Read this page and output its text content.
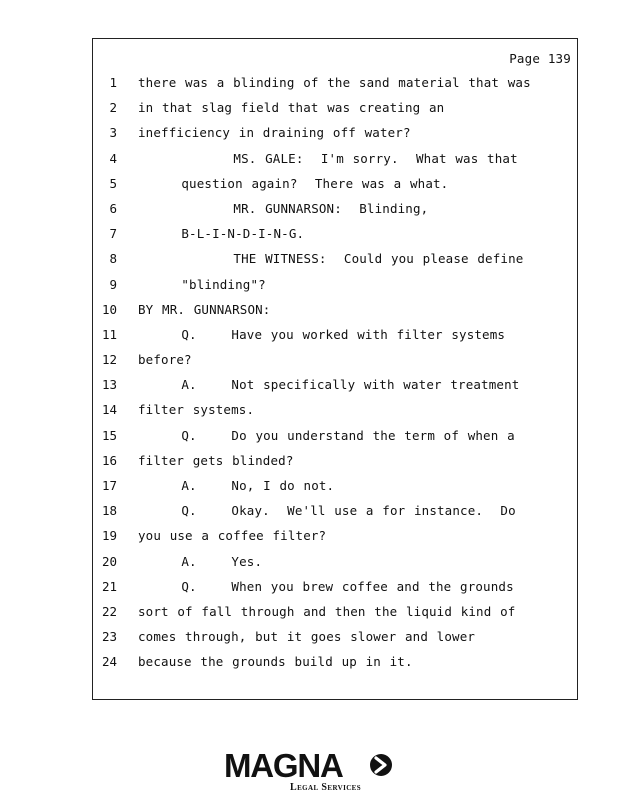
Page 139
1 there was a blinding of the sand material that was
2 in that slag field that was creating an
3 inefficiency in draining off water?
4 MS. GALE:  I'm sorry.  What was that
5 question again?  There was a what.
6 MR. GUNNARSON:  Blinding,
7 B-L-I-N-D-I-N-G.
8 THE WITNESS:  Could you please define
9 "blinding"?
10 BY MR. GUNNARSON:
11 Q.    Have you worked with filter systems
12 before?
13 A.    Not specifically with water treatment
14 filter systems.
15 Q.    Do you understand the term of when a
16 filter gets blinded?
17 A.    No, I do not.
18 Q.    Okay.  We'll use a for instance.  Do
19 you use a coffee filter?
20 A.    Yes.
21 Q.    When you brew coffee and the grounds
22 sort of fall through and then the liquid kind of
23 comes through, but it goes slower and lower
24 because the grounds build up in it.
MAGNA
Legal Services
